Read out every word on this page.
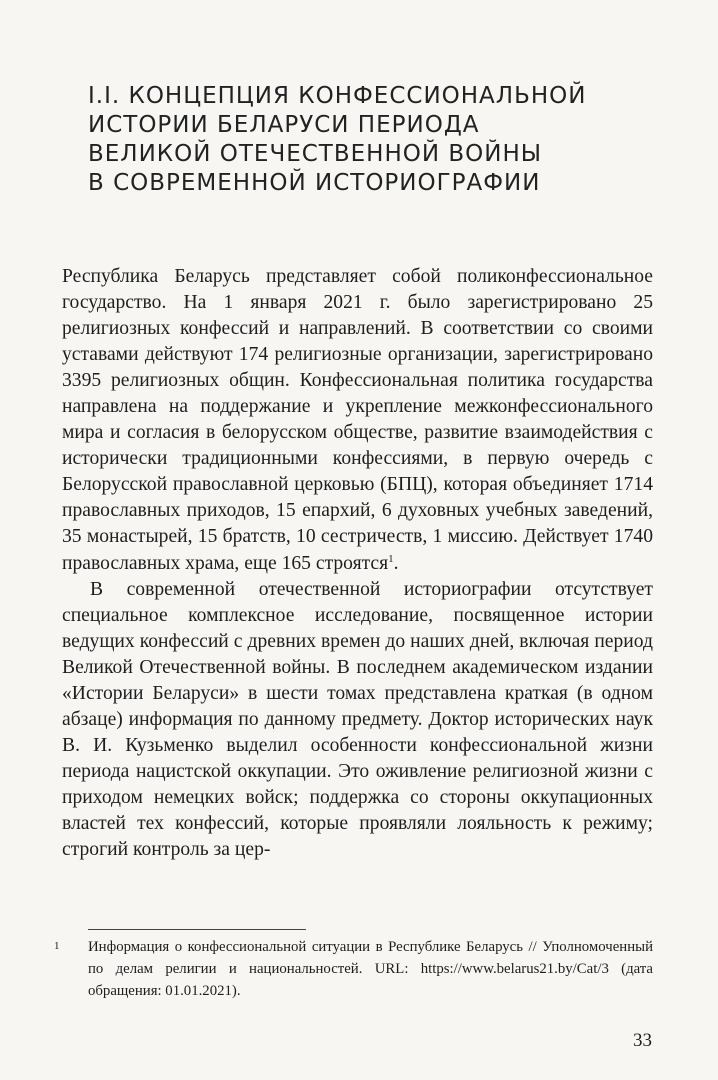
I.I. КОНЦЕПЦИЯ КОНФЕССИОНАЛЬНОЙ
ИСТОРИИ БЕЛАРУСИ ПЕРИОДА
ВЕЛИКОЙ ОТЕЧЕСТВЕННОЙ ВОЙНЫ
В СОВРЕМЕННОЙ ИСТОРИОГРАФИИ

Республика Беларусь представляет собой поликонфессиональное государство. На 1 января 2021 г. было зарегистрировано 25 религиозных конфессий и направлений. В соответствии со своими уставами действуют 174 религиозные организации, зарегистрировано 3395 религиозных общин. Конфессиональная политика государства направлена на поддержание и укрепление межконфессионального мира и согласия в белорусском обществе, развитие взаимодействия с исторически традиционными конфессиями, в первую очередь с Белорусской православной церковью (БПЦ), которая объединяет 1714 православных приходов, 15 епархий, 6 духовных учебных заведений, 35 монастырей, 15 братств, 10 сестричеств, 1 миссию. Действует 1740 православных храма, еще 165 строятся$^1$.

В современной отечественной историографии отсутствует специальное комплексное исследование, посвященное истории ведущих конфессий с древних времен до наших дней, включая период Великой Отечественной войны. В последнем академическом издании «Истории Беларуси» в шести томах представлена краткая (в одном абзаце) информация по данному предмету. Доктор исторических наук В. И. Кузьменко выделил особенности конфессиональной жизни периода нацистской оккупации. Это оживление религиозной жизни с приходом немецких войск; поддержка со стороны оккупационных властей тех конфессий, которые проявляли лояльность к режиму; строгий контроль за цер-

1 Информация о конфессиональной ситуации в Республике Беларусь // Уполномоченный по делам религии и национальностей. URL: https://www.belarus21.by/Cat/3 (дата обращения: 01.01.2021).
33
